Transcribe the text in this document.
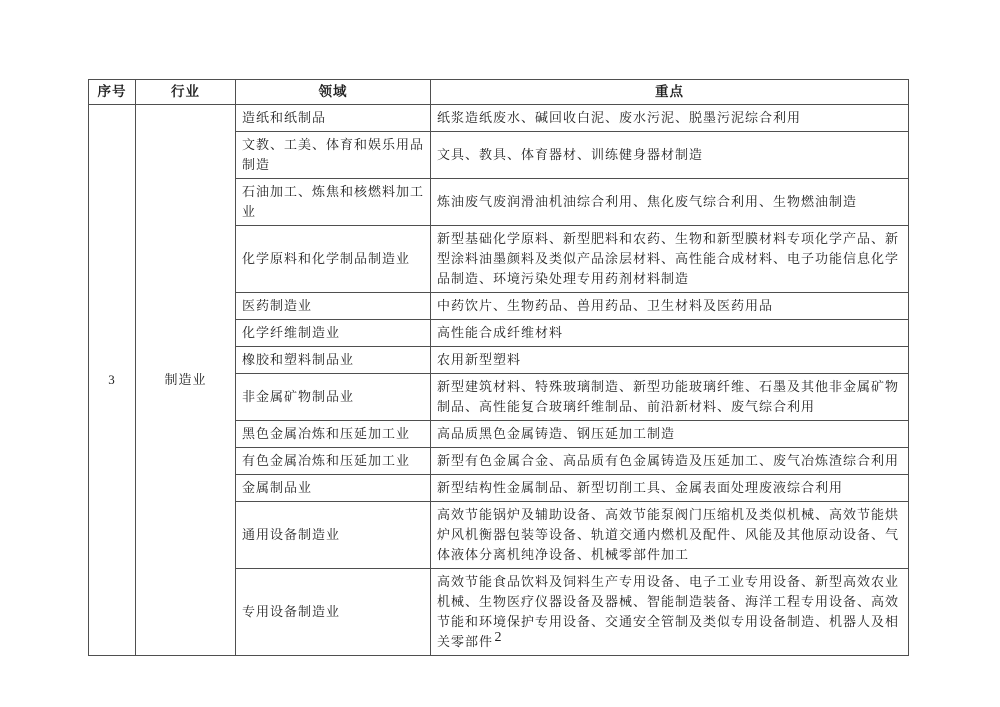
序号	行业	领域	重点
3	制造业	造纸和纸制品	纸浆造纸废水、碱回收白泥、废水污泥、脱墨污泥综合利用
		文教、工美、体育和娱乐用品制造	文具、教具、体育器材、训练健身器材制造
		石油加工、炼焦和核燃料加工业	炼油废气废润滑油机油综合利用、焦化废气综合利用、生物燃油制造
		化学原料和化学制品制造业	新型基础化学原料、新型肥料和农药、生物和新型膜材料专项化学产品、新型涂料油墨颜料及类似产品涂层材料、高性能合成材料、电子功能信息化学品制造、环境污染处理专用药剂材料制造
		医药制造业	中药饮片、生物药品、兽用药品、卫生材料及医药用品
		化学纤维制造业	高性能合成纤维材料
		橡胶和塑料制品业	农用新型塑料
		非金属矿物制品业	新型建筑材料、特殊玻璃制造、新型功能玻璃纤维、石墨及其他非金属矿物制品、高性能复合玻璃纤维制品、前沿新材料、废气综合利用
		黑色金属冶炼和压延加工业	高品质黑色金属铸造、钢压延加工制造
		有色金属冶炼和压延加工业	新型有色金属合金、高品质有色金属铸造及压延加工、废气冶炼渣综合利用
		金属制品业	新型结构性金属制品、新型切削工具、金属表面处理废液综合利用
		通用设备制造业	高效节能锅炉及辅助设备、高效节能泵阀门压缩机及类似机械、高效节能烘炉风机衡器包装等设备、轨道交通内燃机及配件、风能及其他原动设备、气体液体分离机纯净设备、机械零部件加工
		专用设备制造业	高效节能食品饮料及饲料生产专用设备、电子工业专用设备、新型高效农业机械、生物医疗仪器设备及器械、智能制造装备、海洋工程专用设备、高效节能和环境保护专用设备、交通安全管制及类似专用设备制造、机器人及相关零部件 2
